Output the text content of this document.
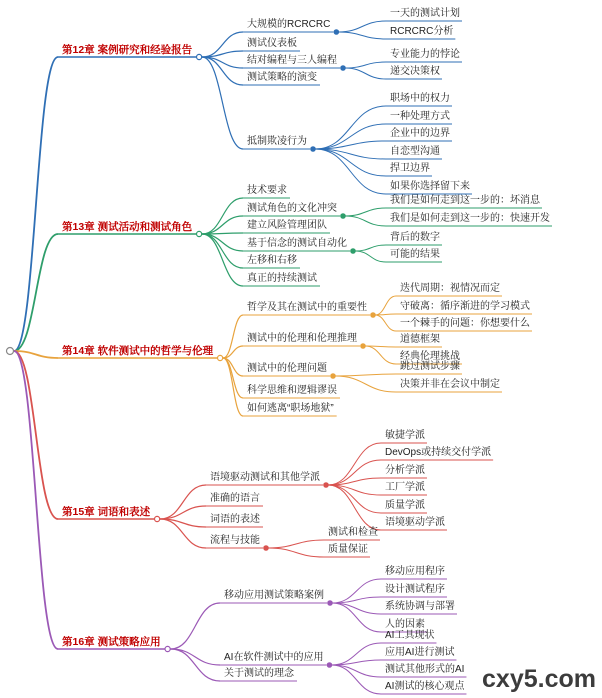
第12章 案例研究和经验报告
大规模的RCRCRC
一天的测试计划
RCRCRC分析
测试仪表板
结对编程与三人编程
专业能力的悖论
递交决策权
测试策略的演变
抵制欺凌行为
职场中的权力
一种处理方式
企业中的边界
自恋型沟通
捍卫边界
如果你选择留下来
第13章 测试活动和测试角色
技术要求
测试角色的文化冲突
我们是如何走到这一步的：坏消息
我们是如何走到这一步的：快速开发
建立风险管理团队
基于信念的测试自动化
背后的数字
可能的结果
左移和右移
真正的持续测试
第14章 软件测试中的哲学与伦理
哲学及其在测试中的重要性
迭代周期：视情况而定
守破离：循序渐进的学习模式
一个棘手的问题：你想要什么
测试中的伦理和伦理推理	道德框架
经典伦理挑战
测试中的伦理问题	跳过测试步骤
决策并非在会议中制定
科学思维和逻辑谬误
如何逃离“职场地狱”
第15章 词语和表述
语境驱动测试和其他学派
敏捷学派
DevOps或持续交付学派
分析学派
工厂学派
质量学派
语境驱动学派
准确的语言
词语的表述
流程与技能
测试和检查
质量保证
第16章 测试策略应用
移动应用测试策略案例
移动应用程序
设计测试程序
系统协调与部署
人的因素
AI在软件测试中的应用
AI工具现状
应用AI进行测试
测试其他形式的AI
AI测试的核心观点
关于测试的理念	cxy5.com
